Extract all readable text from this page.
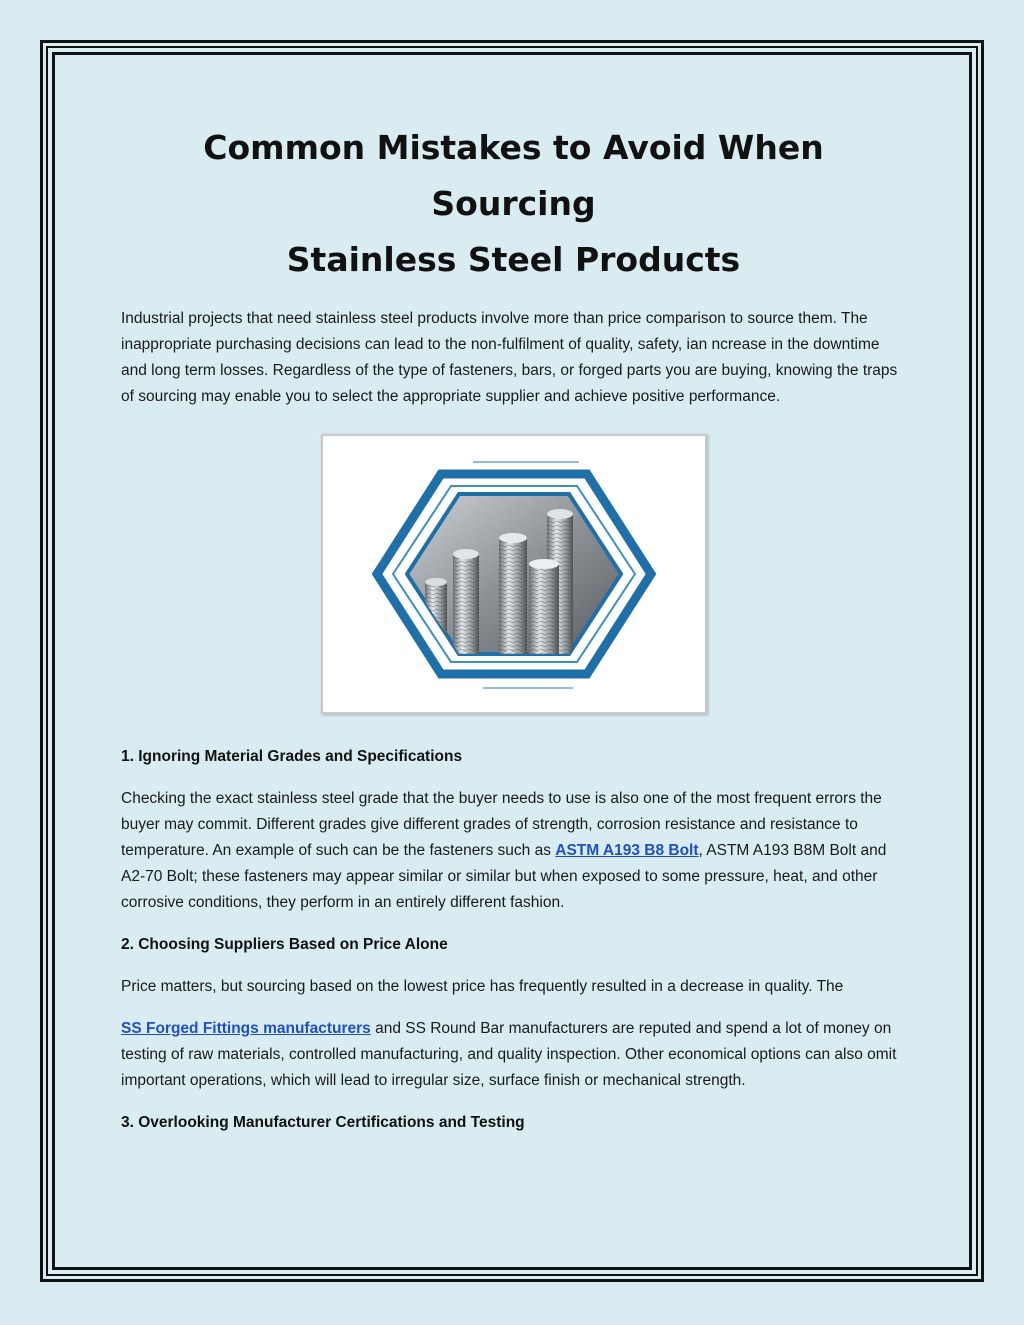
Common Mistakes to Avoid When Sourcing
Stainless Steel Products

Industrial projects that need stainless steel products involve more than price comparison to source them. The inappropriate purchasing decisions can lead to the non-fulfilment of quality, safety, ian ncrease in the downtime and long term losses. Regardless of the type of fasteners, bars, or forged parts you are buying, knowing the traps of sourcing may enable you to select the appropriate supplier and achieve positive performance.

1. Ignoring Material Grades and Specifications

Checking the exact stainless steel grade that the buyer needs to use is also one of the most frequent errors the buyer may commit. Different grades give different grades of strength, corrosion resistance and resistance to temperature. An example of such can be the fasteners such as ASTM A193 B8 Bolt, ASTM A193 B8M Bolt and A2-70 Bolt; these fasteners may appear similar or similar but when exposed to some pressure, heat, and other corrosive conditions, they perform in an entirely different fashion.

2. Choosing Suppliers Based on Price Alone

Price matters, but sourcing based on the lowest price has frequently resulted in a decrease in quality. The

SS Forged Fittings manufacturers and SS Round Bar manufacturers are reputed and spend a lot of money on testing of raw materials, controlled manufacturing, and quality inspection. Other economical options can also omit important operations, which will lead to irregular size, surface finish or mechanical strength.

3. Overlooking Manufacturer Certifications and Testing
